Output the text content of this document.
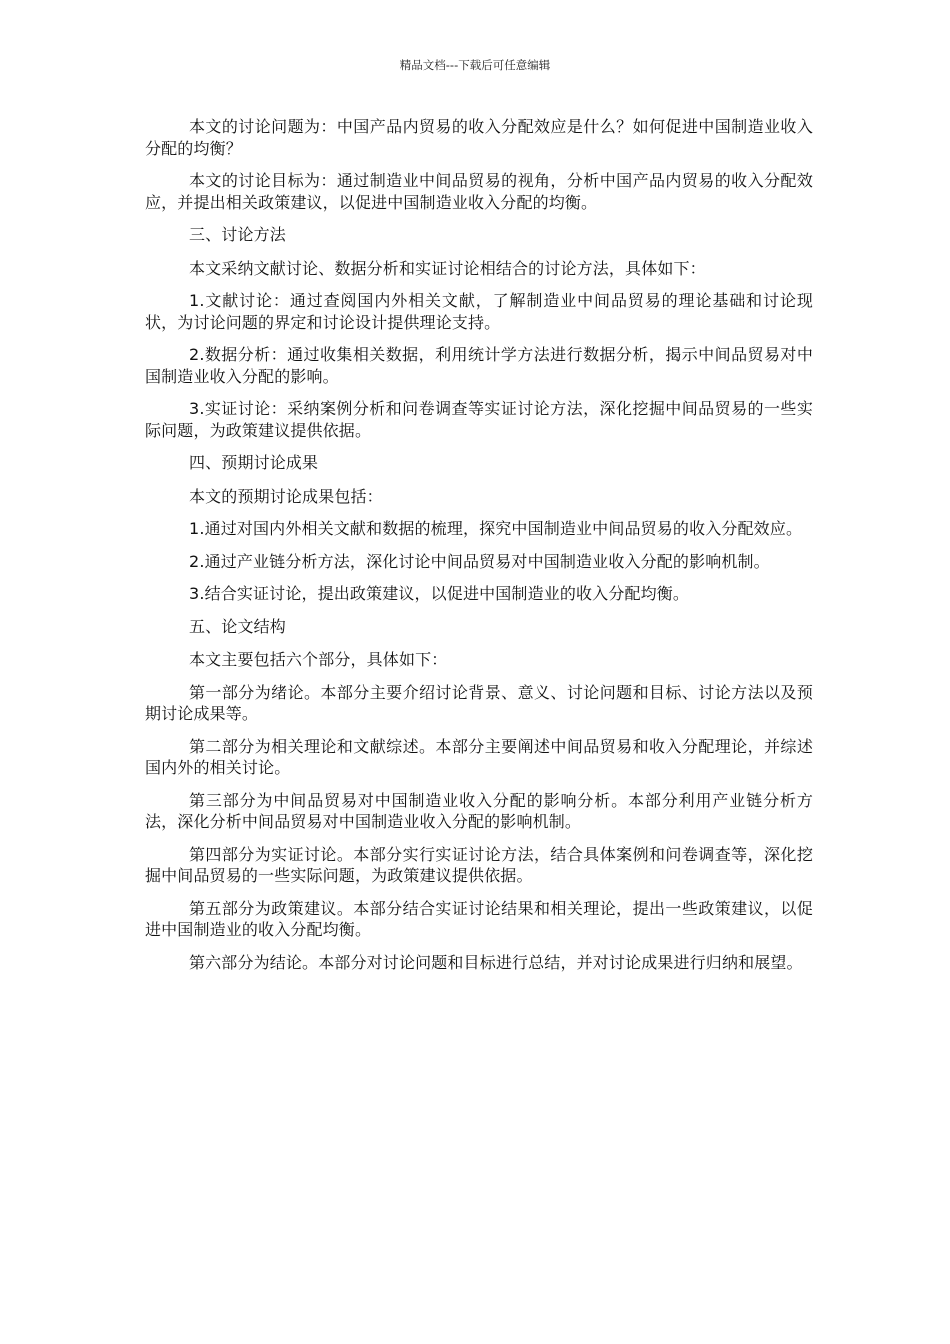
精品文档---下载后可任意编辑

本文的讨论问题为：中国产品内贸易的收入分配效应是什么？如何促进中国制造业收入分配的均衡？

本文的讨论目标为：通过制造业中间品贸易的视角，分析中国产品内贸易的收入分配效应，并提出相关政策建议，以促进中国制造业收入分配的均衡。

三、讨论方法

本文采纳文献讨论、数据分析和实证讨论相结合的讨论方法，具体如下：

1.文献讨论：通过查阅国内外相关文献，了解制造业中间品贸易的理论基础和讨论现状，为讨论问题的界定和讨论设计提供理论支持。

2.数据分析：通过收集相关数据，利用统计学方法进行数据分析，揭示中间品贸易对中国制造业收入分配的影响。

3.实证讨论：采纳案例分析和问卷调查等实证讨论方法，深化挖掘中间品贸易的一些实际问题，为政策建议提供依据。

四、预期讨论成果

本文的预期讨论成果包括：

1.通过对国内外相关文献和数据的梳理，探究中国制造业中间品贸易的收入分配效应。

2.通过产业链分析方法，深化讨论中间品贸易对中国制造业收入分配的影响机制。

3.结合实证讨论，提出政策建议，以促进中国制造业的收入分配均衡。

五、论文结构

本文主要包括六个部分，具体如下：

第一部分为绪论。本部分主要介绍讨论背景、意义、讨论问题和目标、讨论方法以及预期讨论成果等。

第二部分为相关理论和文献综述。本部分主要阐述中间品贸易和收入分配理论，并综述国内外的相关讨论。

第三部分为中间品贸易对中国制造业收入分配的影响分析。本部分利用产业链分析方法，深化分析中间品贸易对中国制造业收入分配的影响机制。

第四部分为实证讨论。本部分实行实证讨论方法，结合具体案例和问卷调查等，深化挖掘中间品贸易的一些实际问题，为政策建议提供依据。

第五部分为政策建议。本部分结合实证讨论结果和相关理论，提出一些政策建议，以促进中国制造业的收入分配均衡。

第六部分为结论。本部分对讨论问题和目标进行总结，并对讨论成果进行归纳和展望。
